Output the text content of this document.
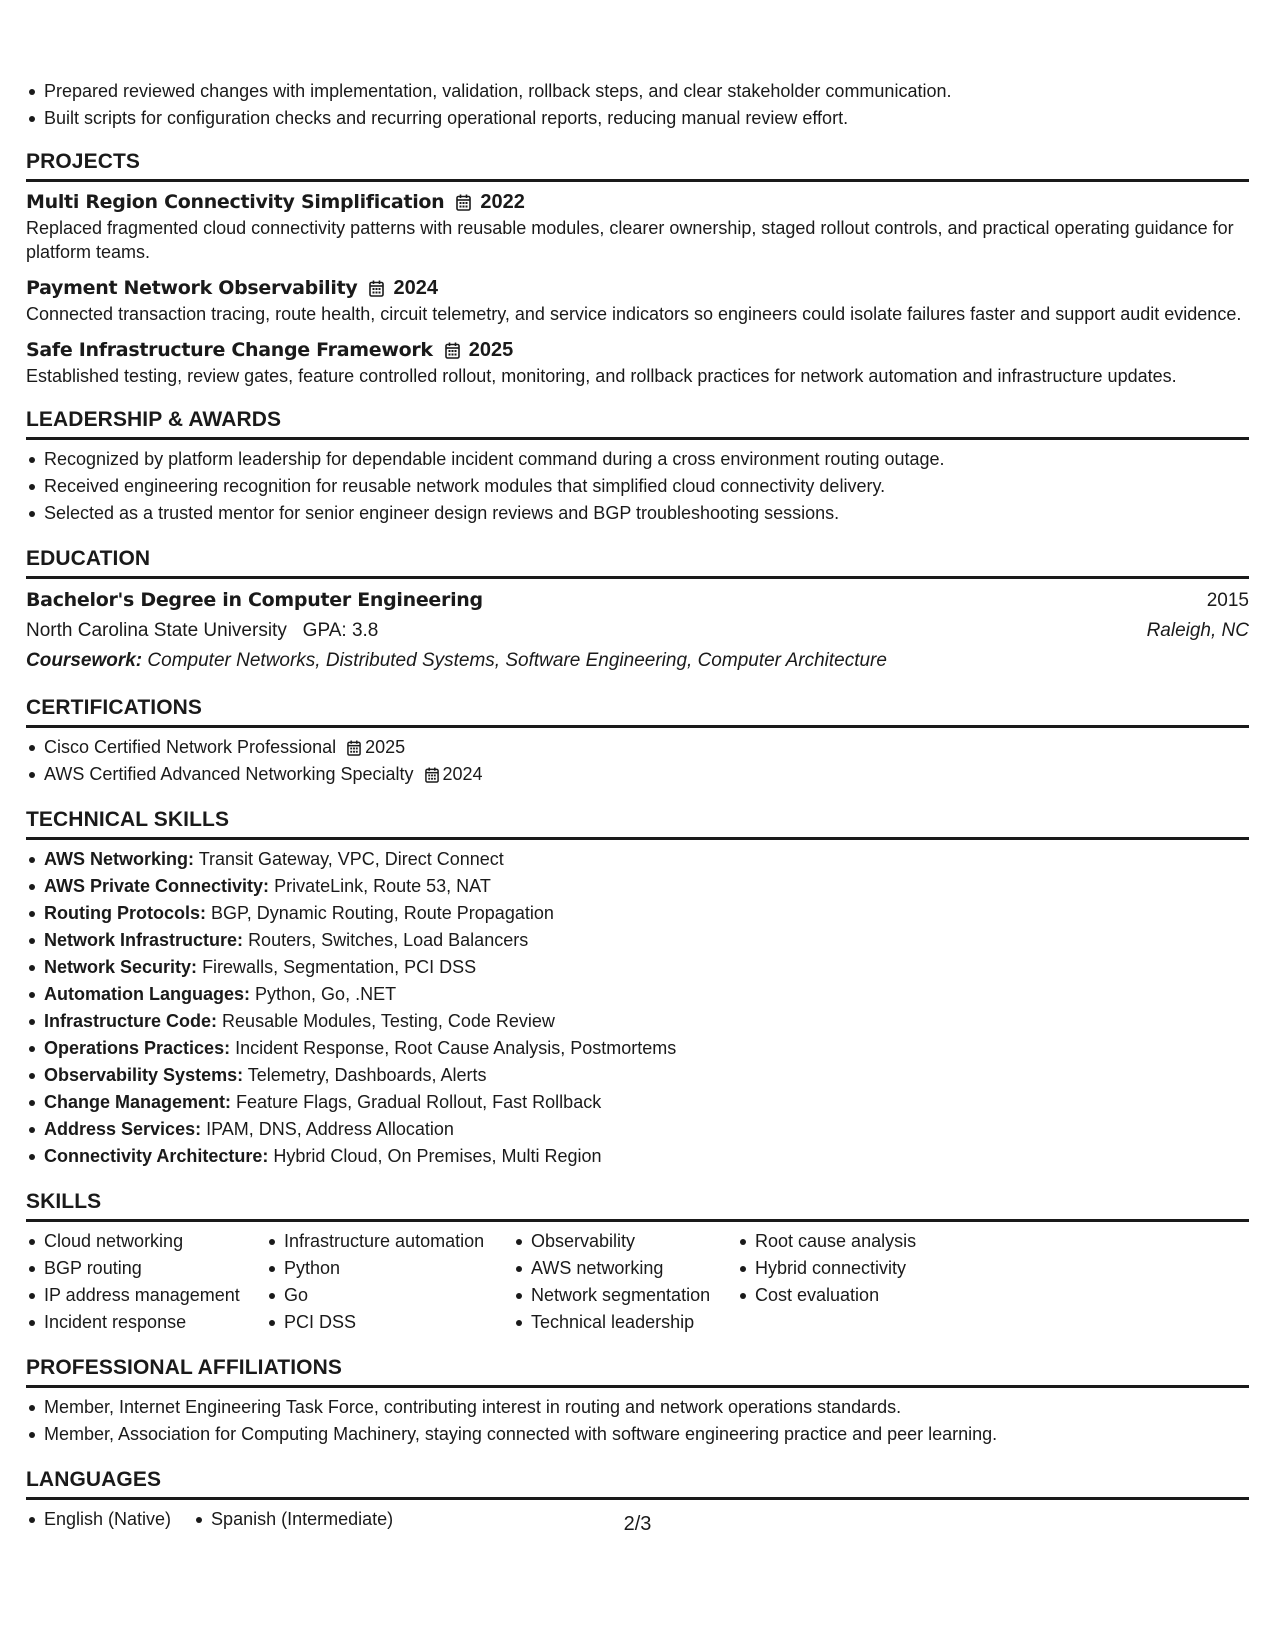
Prepared reviewed changes with implementation, validation, rollback steps, and clear stakeholder communication.
Built scripts for configuration checks and recurring operational reports, reducing manual review effort.
PROJECTS
Multi Region Connectivity Simplification 2022
Replaced fragmented cloud connectivity patterns with reusable modules, clearer ownership, staged rollout controls, and practical operating guidance for platform teams.
Payment Network Observability 2024
Connected transaction tracing, route health, circuit telemetry, and service indicators so engineers could isolate failures faster and support audit evidence.
Safe Infrastructure Change Framework 2025
Established testing, review gates, feature controlled rollout, monitoring, and rollback practices for network automation and infrastructure updates.
LEADERSHIP & AWARDS
Recognized by platform leadership for dependable incident command during a cross environment routing outage.
Received engineering recognition for reusable network modules that simplified cloud connectivity delivery.
Selected as a trusted mentor for senior engineer design reviews and BGP troubleshooting sessions.
EDUCATION
Bachelor's Degree in Computer Engineering	2015
North Carolina State University GPA: 3.8	Raleigh, NC
Coursework:
Computer Networks, Distributed Systems, Software Engineering, Computer Architecture
CERTIFICATIONS
Cisco Certified Network Professional 2025
AWS Certified Advanced Networking Specialty 2024
TECHNICAL SKILLS
AWS Networking: Transit Gateway, VPC, Direct Connect
AWS Private Connectivity: PrivateLink, Route 53, NAT
Routing Protocols: BGP, Dynamic Routing, Route Propagation
Network Infrastructure: Routers, Switches, Load Balancers
Network Security: Firewalls, Segmentation, PCI DSS
Automation Languages: Python, Go, .NET
Infrastructure Code: Reusable Modules, Testing, Code Review
Operations Practices: Incident Response, Root Cause Analysis, Postmortems
Observability Systems: Telemetry, Dashboards, Alerts
Change Management: Feature Flags, Gradual Rollout, Fast Rollback
Address Services: IPAM, DNS, Address Allocation
Connectivity Architecture: Hybrid Cloud, On Premises, Multi Region
SKILLS
Cloud networking
BGP routing
IP address management
Incident response
Infrastructure automation
Python
Go
PCI DSS
Observability
AWS networking
Network segmentation
Technical leadership
Root cause analysis
Hybrid connectivity
Cost evaluation
PROFESSIONAL AFFILIATIONS
Member, Internet Engineering Task Force, contributing interest in routing and network operations standards.
Member, Association for Computing Machinery, staying connected with software engineering practice and peer learning.
LANGUAGES
English (Native)	Spanish (Intermediate)	2/3
